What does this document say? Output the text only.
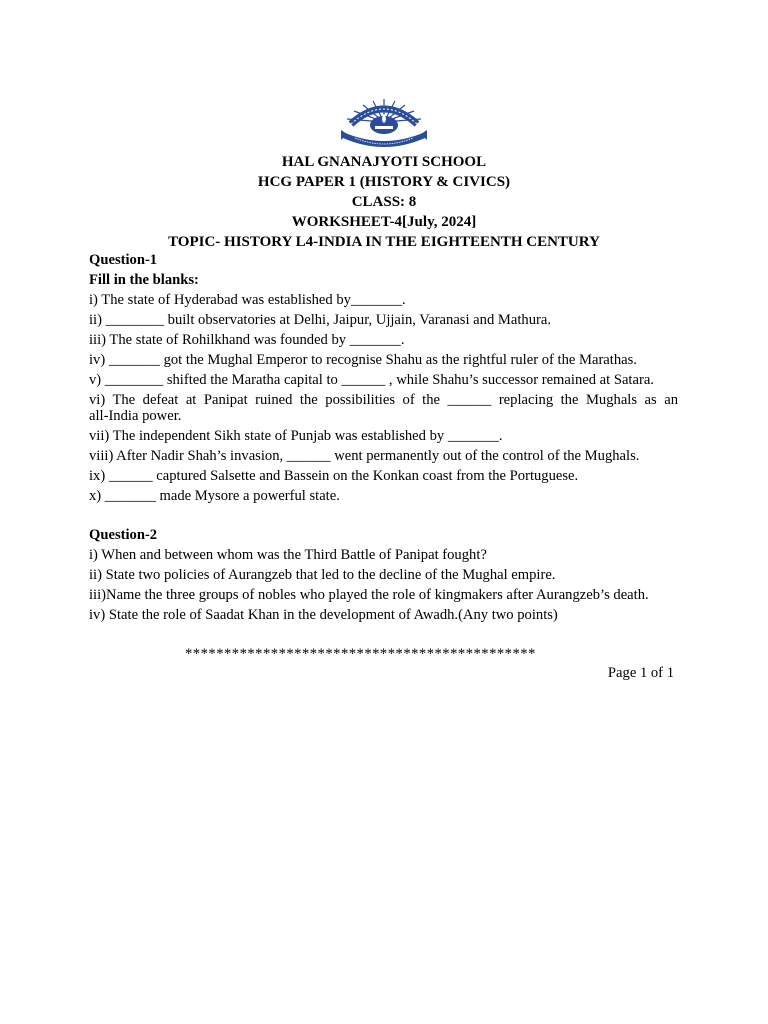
HAL GNANAJYOTI SCHOOL
HCG PAPER 1 (HISTORY & CIVICS)
CLASS: 8
WORKSHEET-4[July, 2024]
TOPIC- HISTORY L4-INDIA IN THE EIGHTEENTH CENTURY
Question-1
Fill in the blanks:
i) The state of Hyderabad was established by_______.
ii) ________ built observatories at Delhi, Jaipur, Ujjain, Varanasi and Mathura.
iii) The state of Rohilkhand was founded by _______.
iv) _______ got the Mughal Emperor to recognise Shahu as the rightful ruler of the Marathas.
v) ________ shifted the Maratha capital to ______ , while Shahu’s successor remained at Satara.
vi) The defeat at Panipat ruined the possibilities of the ______ replacing the Mughals as an
all-India power.
vii) The independent Sikh state of Punjab was established by _______.
viii) After Nadir Shah’s invasion, ______ went permanently out of the control of the Mughals.
ix) ______ captured Salsette and Bassein on the Konkan coast from the Portuguese.
x) _______ made Mysore a powerful state.
Question-2
i) When and between whom was the Third Battle of Panipat fought?
ii) State two policies of Aurangzeb that led to the decline of the Mughal empire.
iii)Name the three groups of nobles who played the role of kingmakers after Aurangzeb’s death.
iv) State the role of Saadat Khan in the development of Awadh.(Any two points)
*********************************************
Page 1 of 1
